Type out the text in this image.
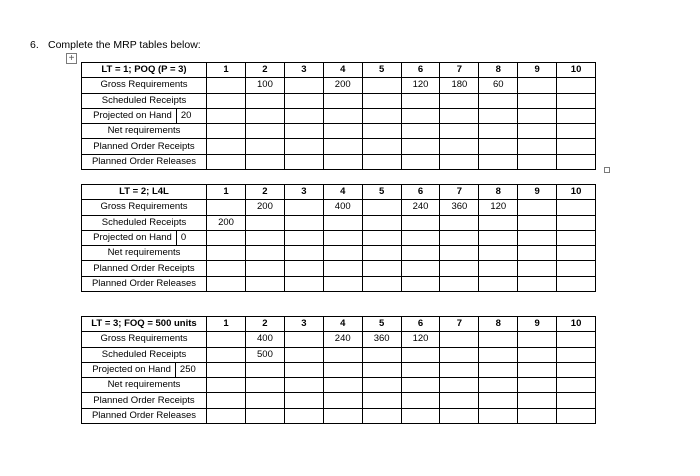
6. Complete the MRP tables below:
+
LT = 1; POQ (P = 3)	1	2	3	4	5	6	7	8	9	10
Gross Requirements		100		200		120	180	60		
Scheduled Receipts										

Projected on Hand 20										

Net requirements										
Planned Order Receipts										
Planned Order Releases										
LT = 2; L4L	1	2	3	4	5	6	7	8	9	10
Gross Requirements		200		400		240	360	120		
Scheduled Receipts	200									

Projected on Hand 0										

Net requirements										
Planned Order Receipts										
Planned Order Releases										
LT = 3; FOQ = 500 units	1	2	3	4	5	6	7	8	9	10
Gross Requirements		400		240	360	120				
Scheduled Receipts		500								

Projected on Hand 250										

Net requirements										
Planned Order Receipts										
Planned Order Releases										
